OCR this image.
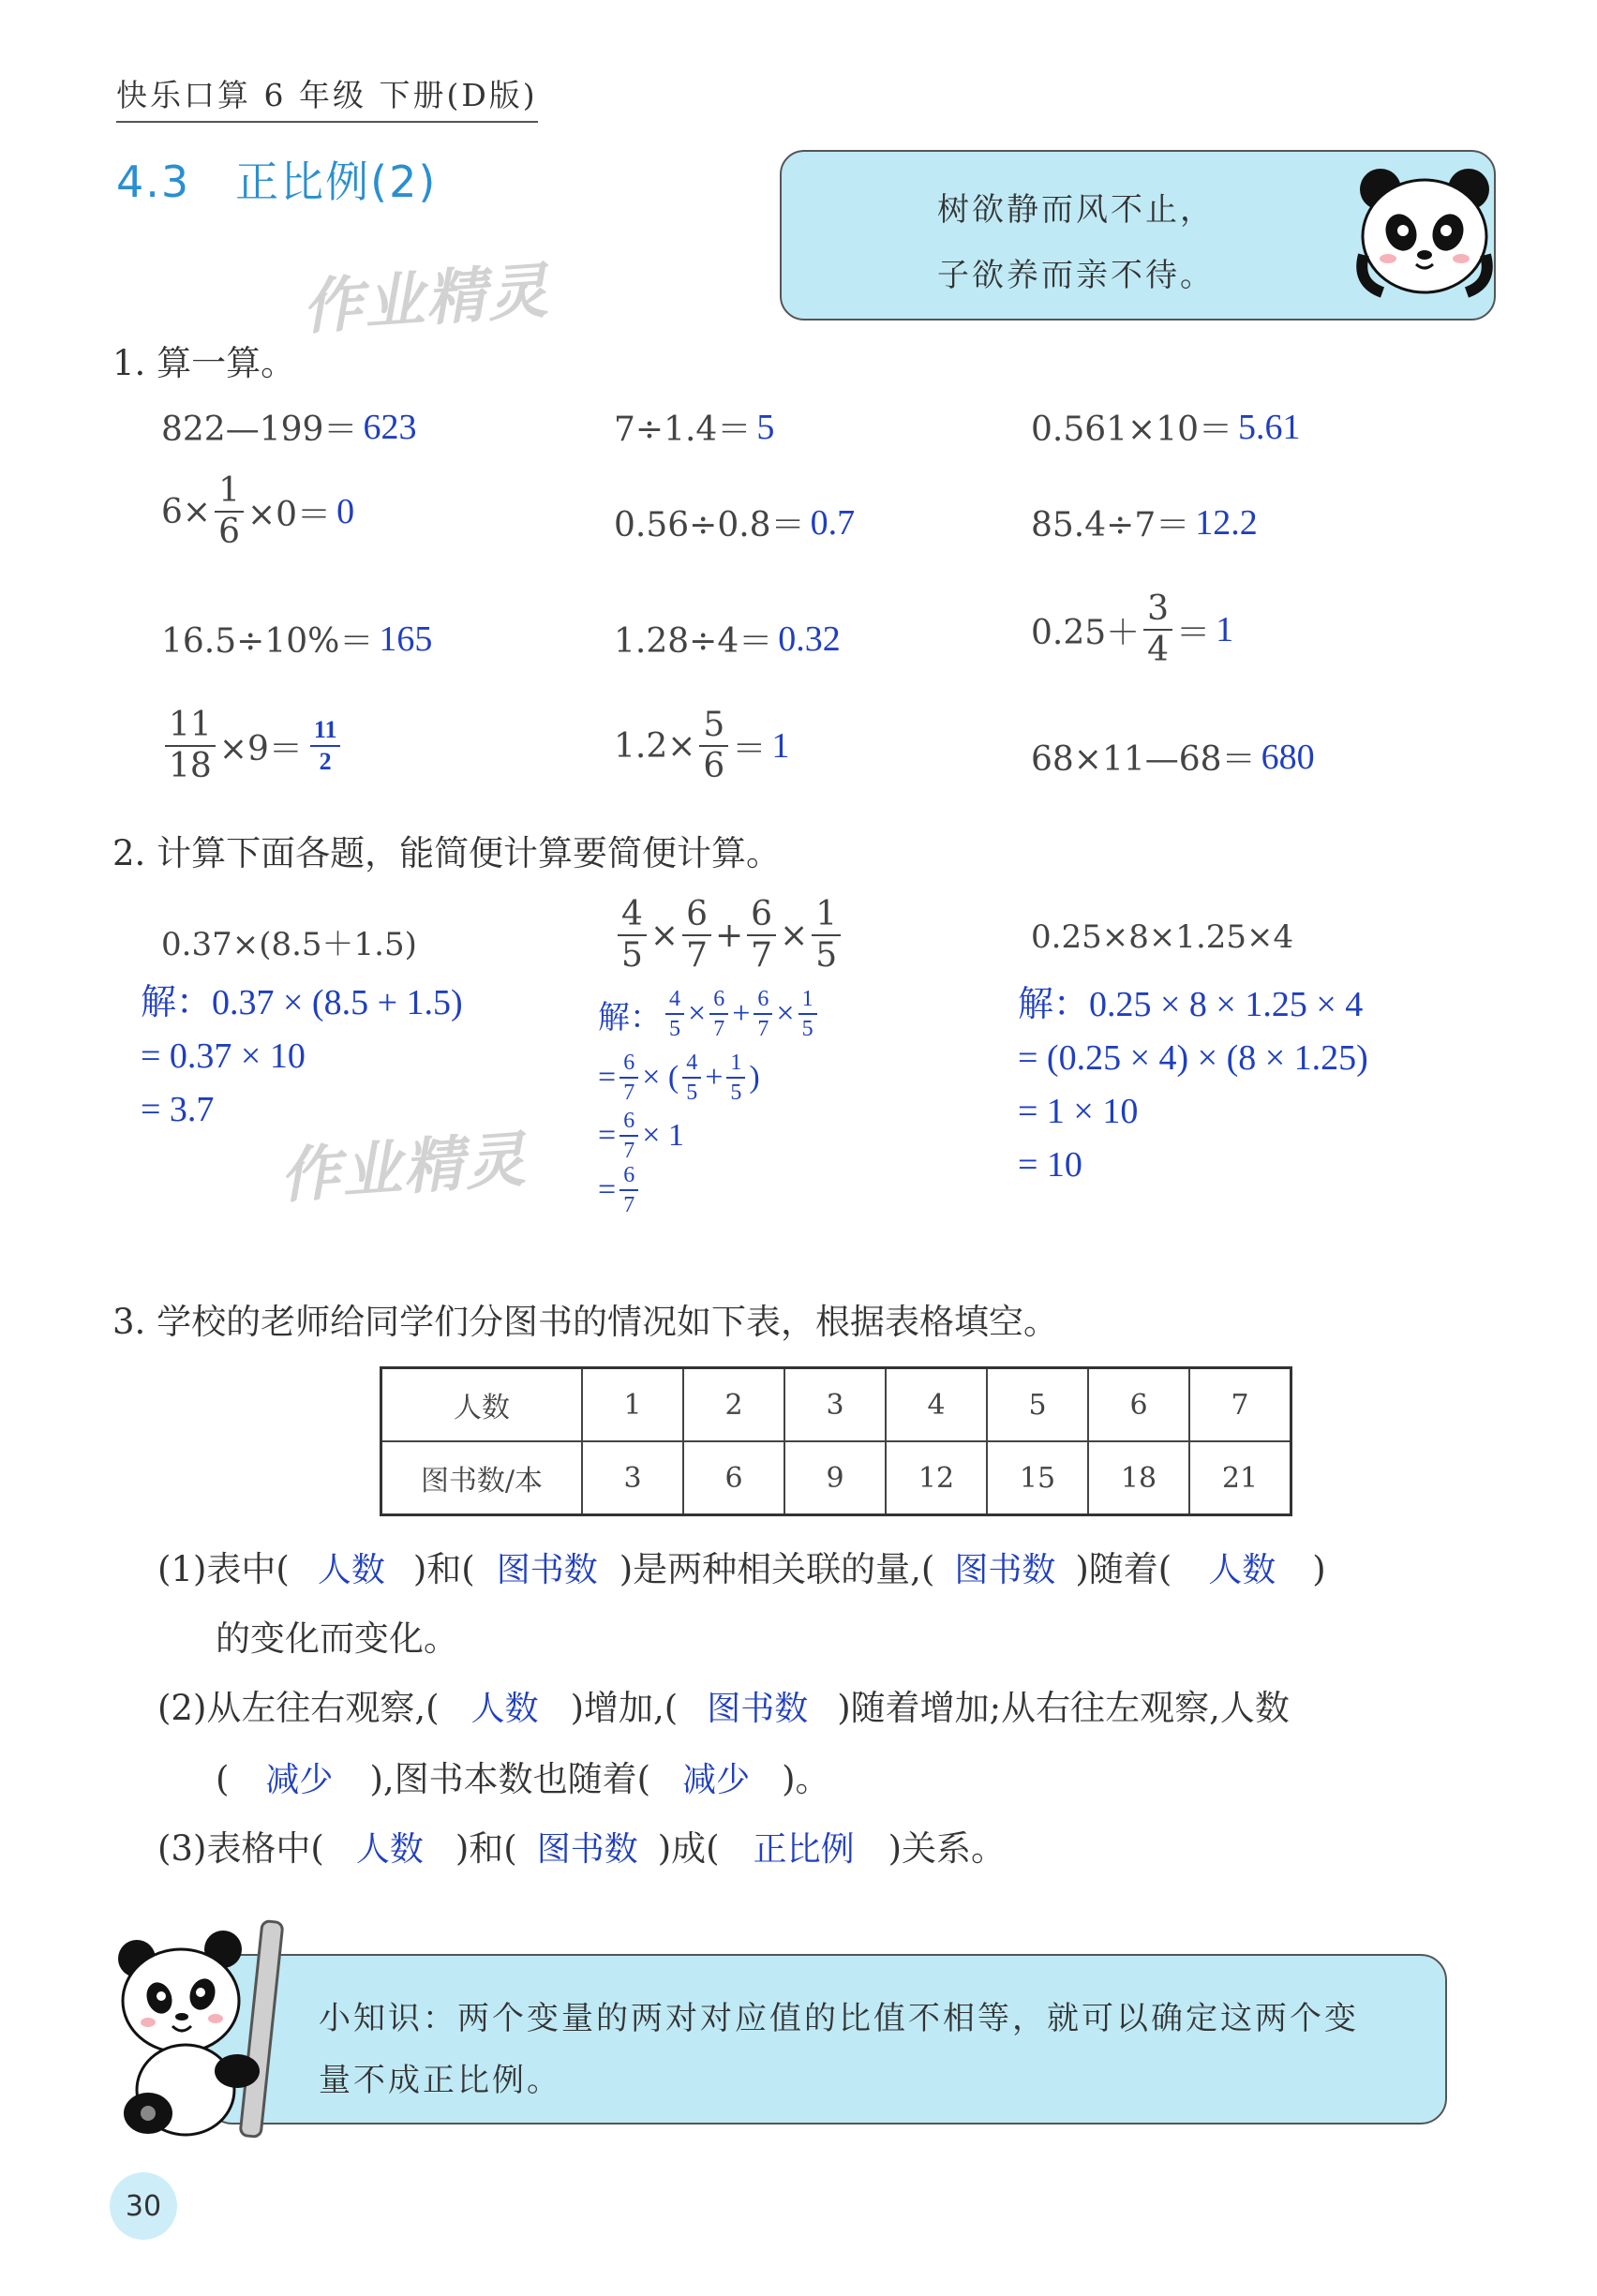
快乐口算 6 年级 下册(D版)
4.3　正比例(2)
树欲静而风不止，
子欲养而亲不待。
作业精灵
作业精灵
1. 算一算。
822—199＝ 623	7÷1.4＝ 5	0.561×10＝ 5.61
$6\times \frac{1}{6} \times 0= 0$	0.56÷0.8＝ 0.7	85.4÷7＝ 12.2
16.5÷10%＝ 165	1.28÷4＝ 0.32	$0.25+ \frac{3}{4} = 1$
$\frac{11}{18} \times 9= \frac{11}{2}$	$1.2\times \frac{5}{6} = 1$	68×11—68＝ 680
2. 计算下面各题，能简便计算要简便计算。
0.37×(8.5＋1.5)
解：0.37 × (8.5 + 1.5)
= 0.37 × 10
= 3.7
$\frac{4}{5} \times \frac{6}{7} + \frac{6}{7} \times \frac{1}{5}$
解： $\frac{4}{5} \times \frac{6}{7} + \frac{6}{7} \times \frac{1}{5}$
= $\frac{6}{7}$ × ( $\frac{4}{5} + \frac{1}{5}$ )
= $\frac{6}{7} \times 1$
= $\frac{6}{7}$
0.25×8×1.25×4
解：0.25 × 8 × 1.25 × 4
= (0.25 × 4) × (8 × 1.25)
= 1 × 10
= 10
3. 学校的老师给同学们分图书的情况如下表，根据表格填空。
人数	1	2	3	4	5	6	7
图书数/本	3	6	9	12	15	18	21
(1)表中( 人数 )和( 图书数 )是两种相关联的量,( 图书数 )随着( 人数 )
的变化而变化。
(2)从左往右观察,( 人数 )增加,( 图书数 )随着增加;从右往左观察,人数
( 减少 ),图书本数也随着( 减少 )。
(3)表格中( 人数 )和( 图书数 )成( 正比例 )关系。
小知识：两个变量的两对对应值的比值不相等，就可以确定这两个变
量不成正比例。
30
